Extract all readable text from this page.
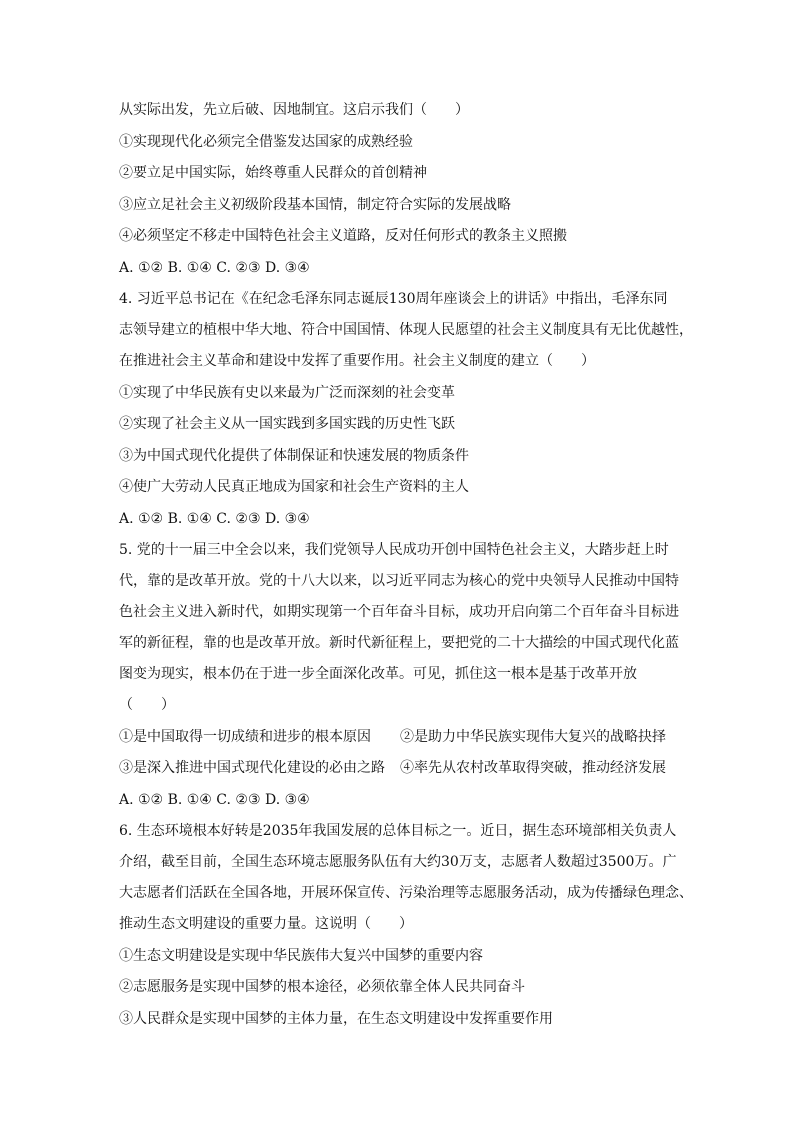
从实际出发，先立后破、因地制宜。这启示我们（　　）

①实现现代化必须完全借鉴发达国家的成熟经验

②要立足中国实际，始终尊重人民群众的首创精神

③应立足社会主义初级阶段基本国情，制定符合实际的发展战略

④必须坚定不移走中国特色社会主义道路，反对任何形式的教条主义照搬

A. ①② B. ①④ C. ②③ D. ③④

4. 习近平总书记在《在纪念毛泽东同志诞辰130周年座谈会上的讲话》中指出，毛泽东同

志领导建立的植根中华大地、符合中国国情、体现人民愿望的社会主义制度具有无比优越性，

在推进社会主义革命和建设中发挥了重要作用。社会主义制度的建立（　　）

①实现了中华民族有史以来最为广泛而深刻的社会变革

②实现了社会主义从一国实践到多国实践的历史性飞跃

③为中国式现代化提供了体制保证和快速发展的物质条件

④使广大劳动人民真正地成为国家和社会生产资料的主人

A. ①② B. ①④ C. ②③ D. ③④

5. 党的十一届三中全会以来，我们党领导人民成功开创中国特色社会主义，大踏步赶上时

代，靠的是改革开放。党的十八大以来，以习近平同志为核心的党中央领导人民推动中国特

色社会主义进入新时代，如期实现第一个百年奋斗目标，成功开启向第二个百年奋斗目标进

军的新征程，靠的也是改革开放。新时代新征程上，要把党的二十大描绘的中国式现代化蓝

图变为现实，根本仍在于进一步全面深化改革。可见，抓住这一根本是基于改革开放

（　　）

①是中国取得一切成绩和进步的根本原因 ②是助力中华民族实现伟大复兴的战略抉择

③是深入推进中国式现代化建设的必由之路 ④率先从农村改革取得突破，推动经济发展

A. ①② B. ①④ C. ②③ D. ③④

6. 生态环境根本好转是2035年我国发展的总体目标之一。近日，据生态环境部相关负责人

介绍，截至目前，全国生态环境志愿服务队伍有大约30万支，志愿者人数超过3500万。广

大志愿者们活跃在全国各地，开展环保宣传、污染治理等志愿服务活动，成为传播绿色理念、

推动生态文明建设的重要力量。这说明（　　）

①生态文明建设是实现中华民族伟大复兴中国梦的重要内容

②志愿服务是实现中国梦的根本途径，必须依靠全体人民共同奋斗

③人民群众是实现中国梦的主体力量，在生态文明建设中发挥重要作用
